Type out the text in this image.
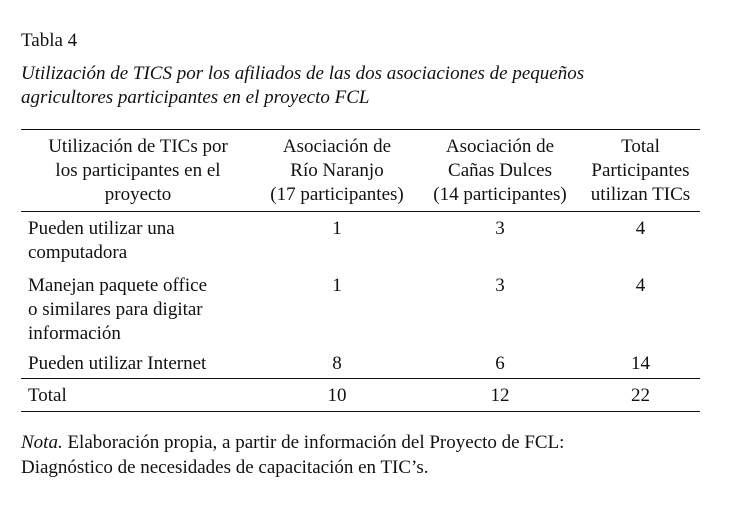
Tabla 4
Utilización de TICS por los afiliados de las dos asociaciones de pequeños
agricultores participantes en el proyecto FCL
Utilización de TICs por
los participantes en el
proyecto	Asociación de
Río Naranjo
(17 participantes)	Asociación de
Cañas Dulces
(14 participantes)	Total
Participantes
utilizan TICs

Pueden utilizar una
computadora	1	3	4

Manejan paquete office
o similares para digitar
información	1	3	4

Pueden utilizar Internet	8	6	14
Total	10	12	22
Nota. Elaboración propia, a partir de información del Proyecto de FCL:
Diagnóstico de necesidades de capacitación en TIC’s.
